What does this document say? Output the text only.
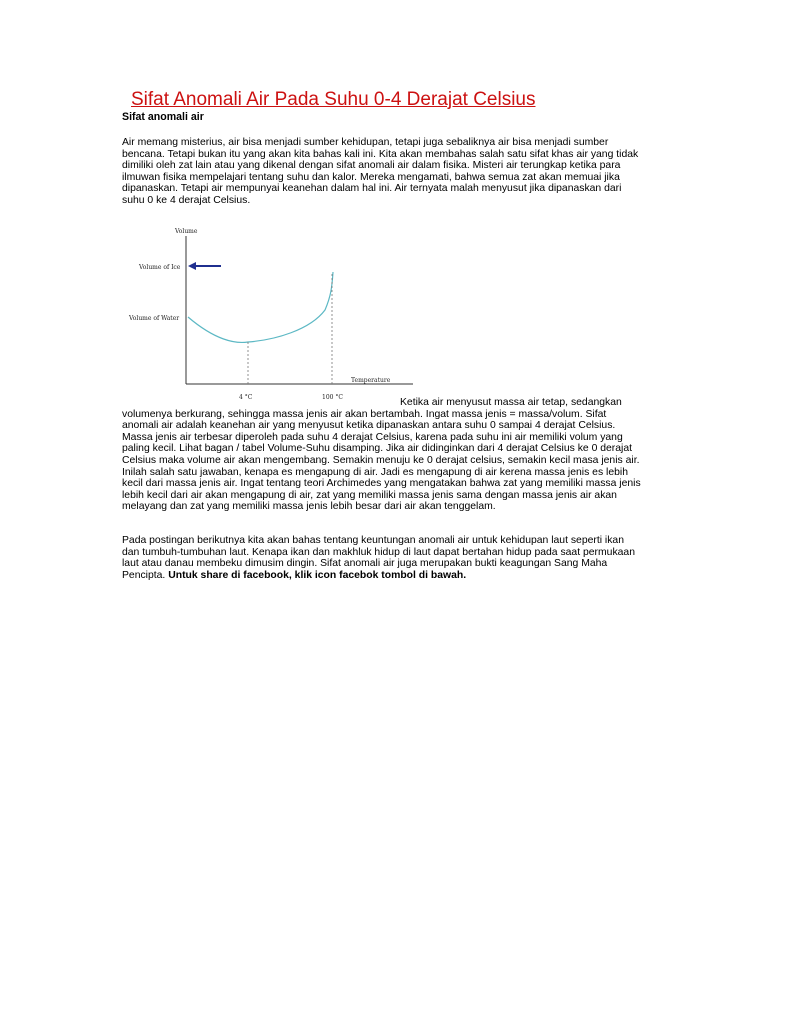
Sifat Anomali Air Pada Suhu 0-4 Derajat Celsius
Sifat anomali air
Air memang misterius, air bisa menjadi sumber kehidupan, tetapi juga sebaliknya air bisa menjadi sumber
bencana. Tetapi bukan itu yang akan kita bahas kali ini. Kita akan membahas salah satu sifat khas air yang tidak
dimiliki oleh zat lain atau yang dikenal dengan sifat anomali air dalam fisika. Misteri air terungkap ketika para
ilmuwan fisika mempelajari tentang suhu dan kalor. Mereka mengamati, bahwa semua zat akan memuai jika
dipanaskan. Tetapi air mempunyai keanehan dalam hal ini. Air ternyata malah menyusut jika dipanaskan dari
suhu 0 ke 4 derajat Celsius.
Volume
Volume of Ice
Volume of Water
4 °C	100 °C
Temperature
Ketika air menyusut massa air tetap, sedangkan
volumenya berkurang, sehingga massa jenis air akan bertambah. Ingat massa jenis = massa/volum. Sifat
anomali air adalah keanehan air yang menyusut ketika dipanaskan antara suhu 0 sampai 4 derajat Celsius.
Massa jenis air terbesar diperoleh pada suhu 4 derajat Celsius, karena pada suhu ini air memiliki volum yang
paling kecil. Lihat bagan / tabel Volume-Suhu disamping. Jika air didinginkan dari 4 derajat Celsius ke 0 derajat
Celsius maka volume air akan mengembang. Semakin menuju ke 0 derajat celsius, semakin kecil masa jenis air.
Inilah salah satu jawaban, kenapa es mengapung di air. Jadi es mengapung di air kerena massa jenis es lebih
kecil dari massa jenis air. Ingat tentang teori Archimedes yang mengatakan bahwa zat yang memiliki massa jenis
lebih kecil dari air akan mengapung di air, zat yang memiliki massa jenis sama dengan massa jenis air akan
melayang dan zat yang memiliki massa jenis lebih besar dari air akan tenggelam.
Pada postingan berikutnya kita akan bahas tentang keuntungan anomali air untuk kehidupan laut seperti ikan
dan tumbuh-tumbuhan laut. Kenapa ikan dan makhluk hidup di laut dapat bertahan hidup pada saat permukaan
laut atau danau membeku dimusim dingin. Sifat anomali air juga merupakan bukti keagungan Sang Maha
Pencipta. Untuk share di facebook, klik icon facebok tombol di bawah.
